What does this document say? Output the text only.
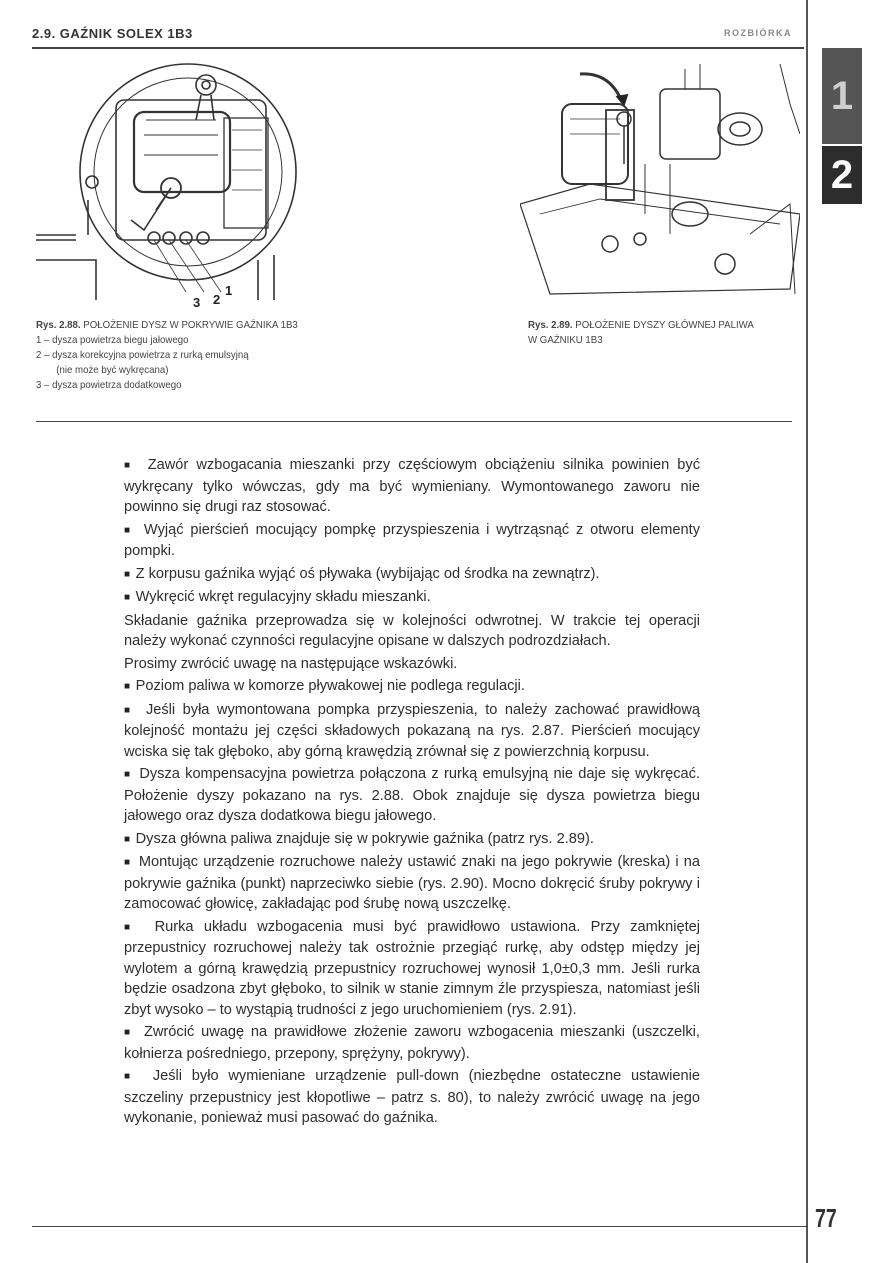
2.9. GAŹNIK SOLEX 1B3	ROZBIÓRKA
1
2
3 2
1
Rys. 2.88. POŁOŻENIE DYSZ W POKRYWIE GAŹNIKA 1B3
1 – dysza powietrza biegu jałowego
2 – dysza korekcyjna powietrza z rurką emulsyjną
(nie może być wykręcana)
3 – dysza powietrza dodatkowego
Rys. 2.89. POŁOŻENIE DYSZY GŁÓWNEJ PALIWA
W GAŹNIKU 1B3

■  Zawór wzbogacania mieszanki przy częściowym obciążeniu silnika powinien być wykręcany tylko wówczas, gdy ma być wymieniany. Wymontowanego zaworu nie powinno się drugi raz stosować.

■  Wyjąć pierścień mocujący pompkę przyspieszenia i wytrząsnąć z otworu elementy pompki.

■  Z korpusu gaźnika wyjąć oś pływaka (wybijając od środka na zewnątrz).

■  Wykręcić wkręt regulacyjny składu mieszanki.

Składanie gaźnika przeprowadza się w kolejności odwrotnej. W trakcie tej operacji należy wykonać czynności regulacyjne opisane w dalszych podrozdziałach.

Prosimy zwrócić uwagę na następujące wskazówki.

■  Poziom paliwa w komorze pływakowej nie podlega regulacji.

■  Jeśli była wymontowana pompka przyspieszenia, to należy zachować prawidłową kolejność montażu jej części składowych pokazaną na rys. 2.87. Pierścień mocujący wciska się tak głęboko, aby górną krawędzią zrównał się z powierzchnią korpusu.

■  Dysza kompensacyjna powietrza połączona z rurką emulsyjną nie daje się wykręcać. Położenie dyszy pokazano na rys. 2.88. Obok znajduje się dysza powietrza biegu jałowego oraz dysza dodatkowa biegu jałowego.

■  Dysza główna paliwa znajduje się w pokrywie gaźnika (patrz rys. 2.89).

■  Montując urządzenie rozruchowe należy ustawić znaki na jego pokrywie (kreska) i na pokrywie gaźnika (punkt) naprzeciwko siebie (rys. 2.90). Mocno dokręcić śruby pokrywy i zamocować głowicę, zakładając pod śrubę nową uszczelkę.

■  Rurka układu wzbogacenia musi być prawidłowo ustawiona. Przy zamkniętej przepustnicy rozruchowej należy tak ostrożnie przegiąć rurkę, aby odstęp między jej wylotem a górną krawędzią przepustnicy rozruchowej wynosił 1,0±0,3 mm. Jeśli rurka będzie osadzona zbyt głęboko, to silnik w stanie zimnym źle przyspiesza, natomiast jeśli zbyt wysoko – to wystąpią trudności z jego uruchomieniem (rys. 2.91).

■  Zwrócić uwagę na prawidłowe złożenie zaworu wzbogacenia mieszanki (uszczelki, kołnierza pośredniego, przepony, sprężyny, pokrywy).

■  Jeśli było wymieniane urządzenie pull-down (niezbędne ostateczne ustawienie szczeliny przepustnicy jest kłopotliwe – patrz s. 80), to należy zwrócić uwagę na jego wykonanie, ponieważ musi pasować do gaźnika.

77
